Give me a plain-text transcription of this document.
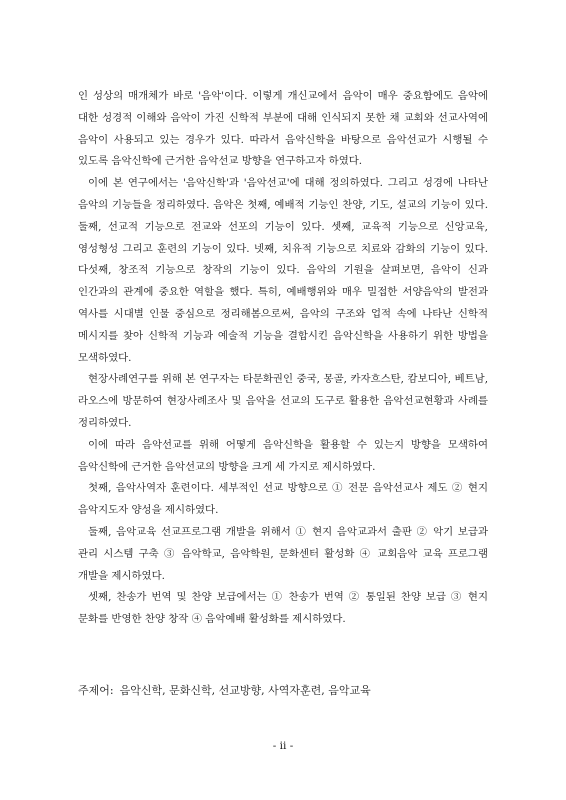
인 성상의 매개체가 바로 '음악'이다. 이렇게 개신교에서 음악이 매우 중요함에도 음악에 대한 성경적 이해와 음악이 가진 신학적 부분에 대해 인식되지 못한 채 교회와 선교사역에 음악이 사용되고 있는 경우가 있다. 따라서 음악신학을 바탕으로 음악선교가 시행될 수 있도록 음악신학에 근거한 음악선교 방향을 연구하고자 하였다.

이에 본 연구에서는 '음악신학'과 '음악선교'에 대해 정의하였다. 그리고 성경에 나타난 음악의 기능들을 정리하였다. 음악은 첫째, 예배적 기능인 찬양, 기도, 설교의 기능이 있다. 둘째, 선교적 기능으로 전교와 선포의 기능이 있다. 셋째, 교육적 기능으로 신앙교육, 영성형성 그리고 훈련의 기능이 있다. 넷째, 치유적 기능으로 치료와 감화의 기능이 있다. 다섯째, 창조적 기능으로 창작의 기능이 있다. 음악의 기원을 살펴보면, 음악이 신과 인간과의 관계에 중요한 역할을 했다. 특히, 예배행위와 매우 밀접한 서양음악의 발전과 역사를 시대별 인물 중심으로 정리해봄으로써, 음악의 구조와 업적 속에 나타난 신학적 메시지를 찾아 신학적 기능과 예술적 기능을 결합시킨 음악신학을 사용하기 위한 방법을 모색하였다.

현장사례연구를 위해 본 연구자는 타문화권인 중국, 몽골, 카자흐스탄, 캄보디아, 베트남, 라오스에 방문하여 현장사례조사 및 음악을 선교의 도구로 활용한 음악선교현황과 사례를 정리하였다.

이에 따라 음악선교를 위해 어떻게 음악신학을 활용할 수 있는지 방향을 모색하여 음악신학에 근거한 음악선교의 방향을 크게 세 가지로 제시하였다.

첫째, 음악사역자 훈련이다. 세부적인 선교 방향으로 ① 전문 음악선교사 제도 ② 현지 음악지도자 양성을 제시하였다.

둘째, 음악교육 선교프로그램 개발을 위해서 ① 현지 음악교과서 출판 ② 악기 보급과 관리 시스템 구축 ③ 음악학교, 음악학원, 문화센터 활성화 ④ 교회음악 교육 프로그램 개발을 제시하였다.

셋째, 찬송가 번역 및 찬양 보급에서는 ① 찬송가 번역 ② 통일된 찬양 보급 ③ 현지 문화를 반영한 찬양 창작 ④ 음악예배 활성화를 제시하였다.

주제어: 음악신학, 문화신학, 선교방향, 사역자훈련, 음악교육
- ii -
